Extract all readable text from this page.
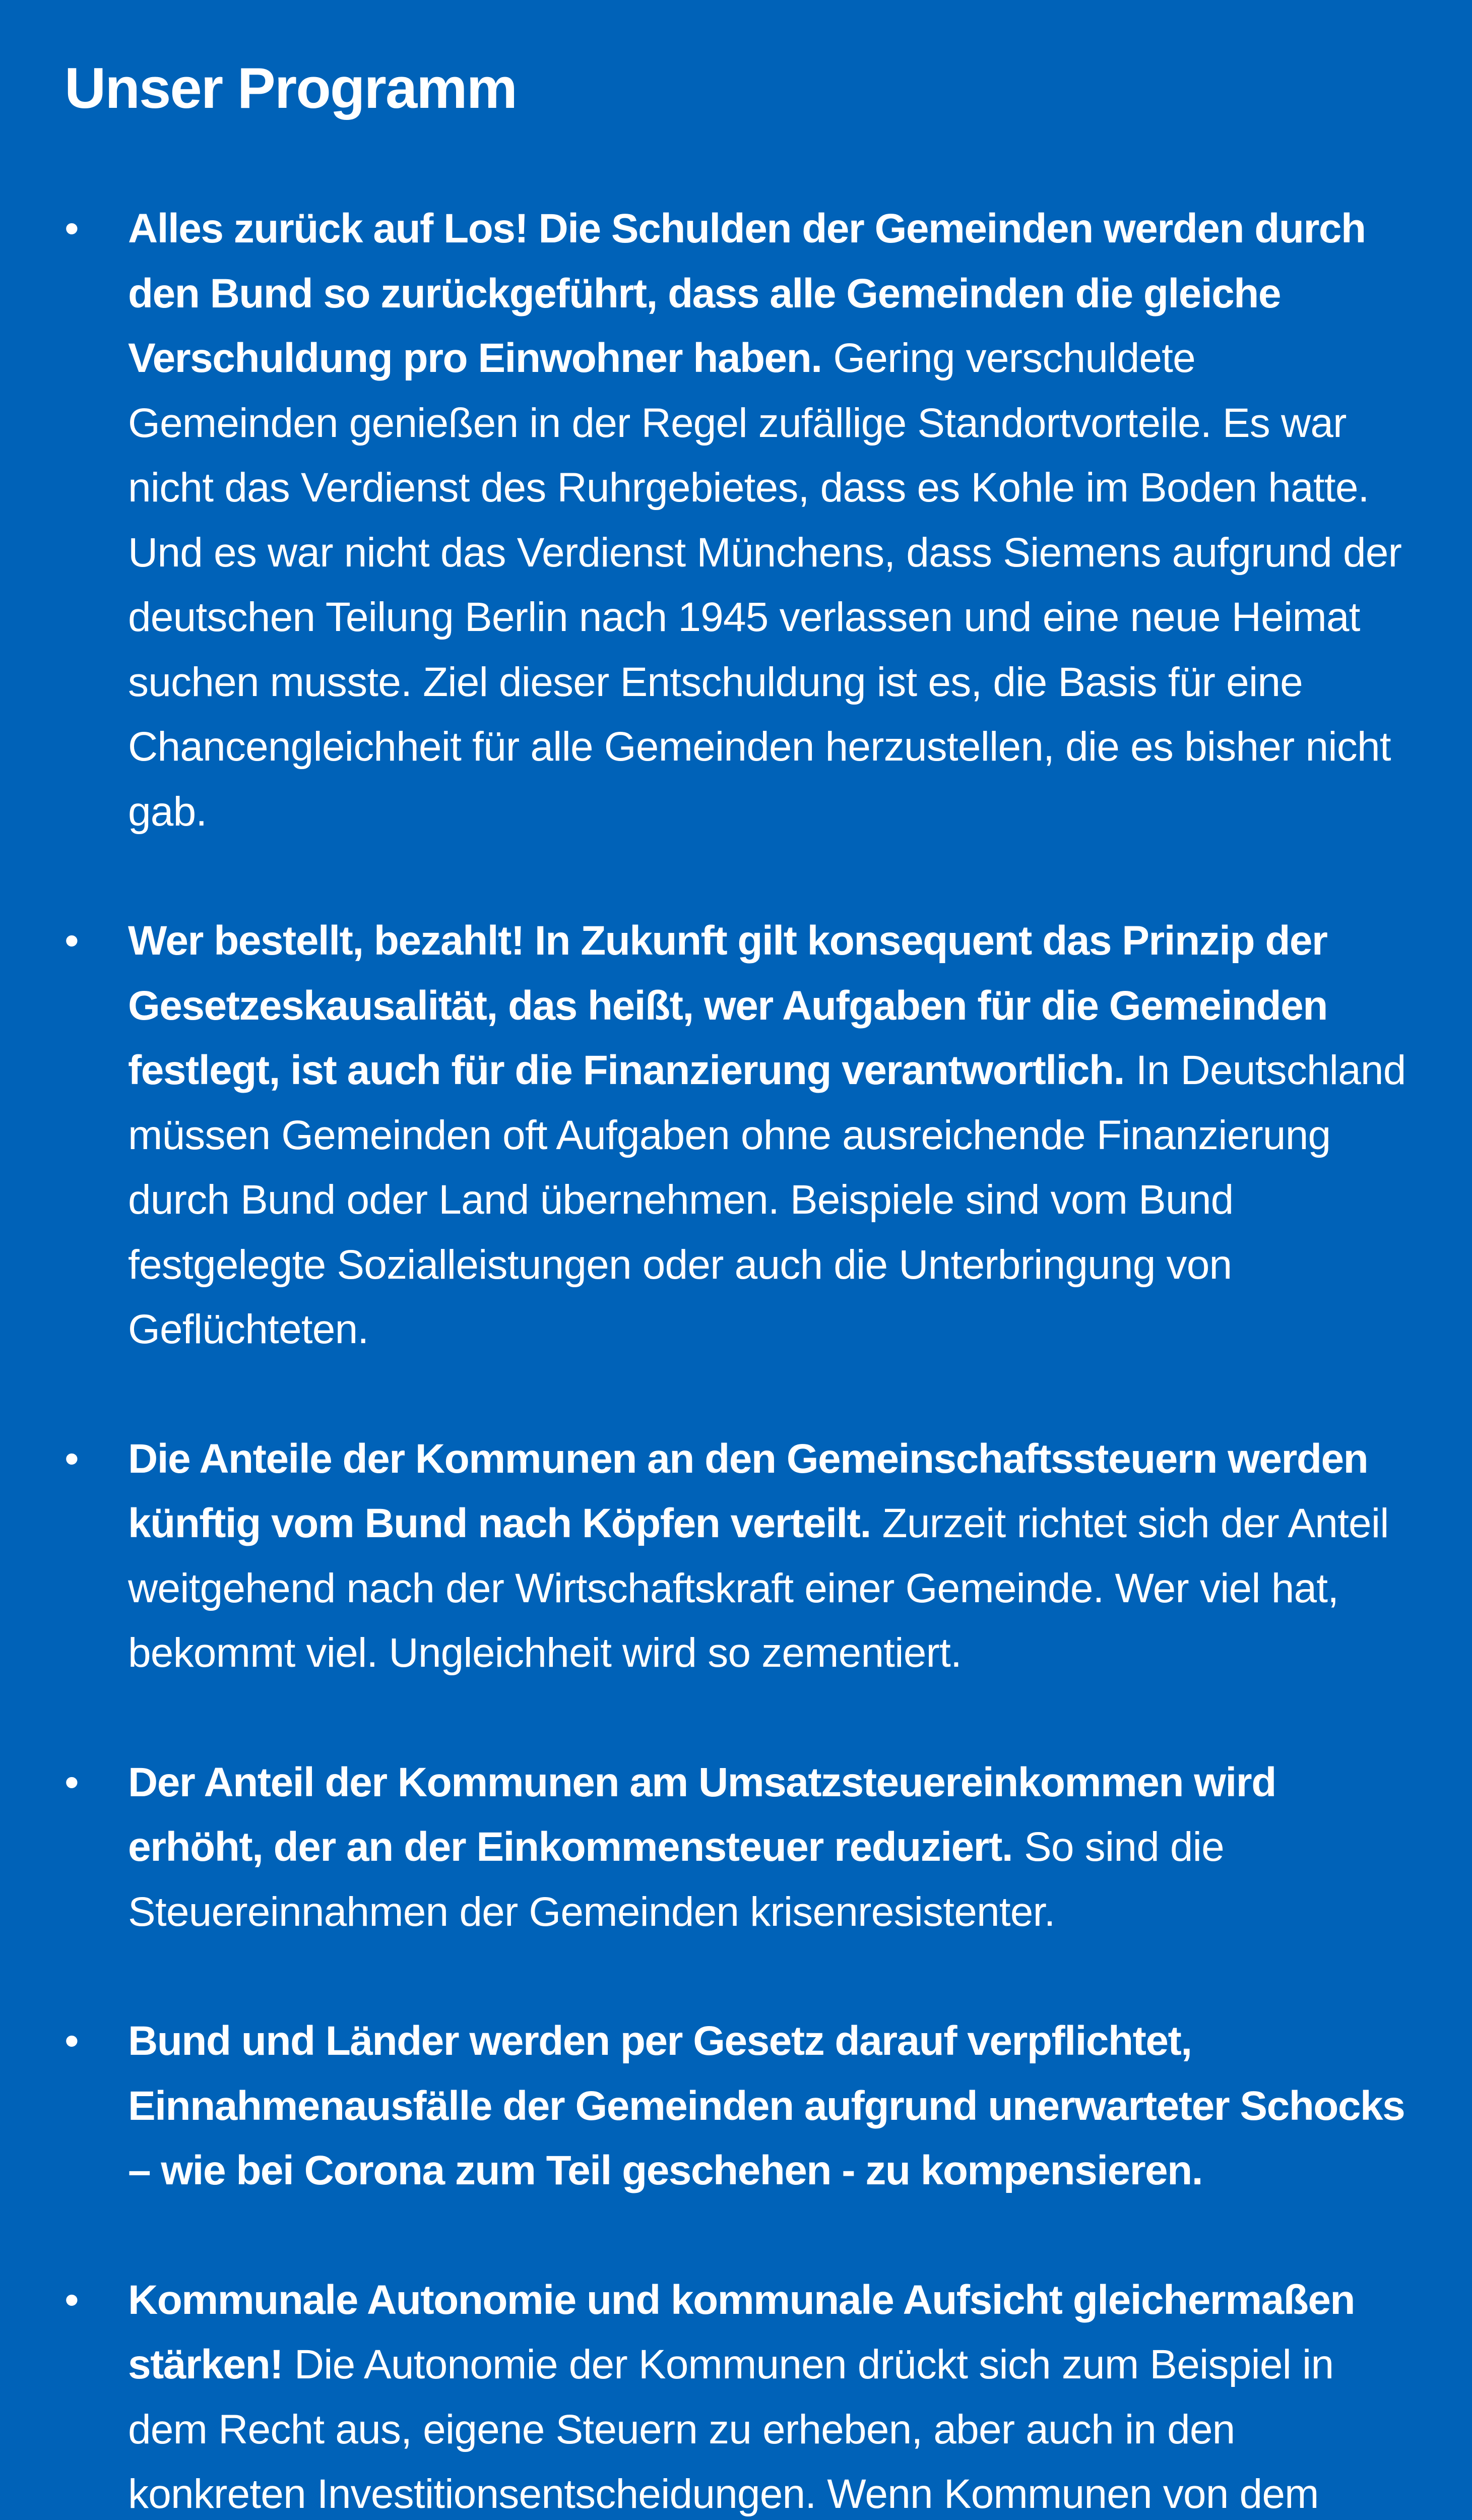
Unser Programm
• Alles zurück auf Los! Die Schulden der Gemeinden werden durch den Bund so zurückgeführt, dass alle Gemeinden die gleiche Verschuldung pro Einwohner haben. Gering verschuldete Gemeinden genießen in der Regel zufällige Standortvorteile. Es war nicht das Verdienst des Ruhrgebietes, dass es Kohle im Boden hatte. Und es war nicht das Verdienst Münchens, dass Siemens aufgrund der deutschen Teilung Berlin nach 1945 verlassen und eine neue Heimat suchen musste. Ziel dieser Entschuldung ist es, die Basis für eine Chancengleichheit für alle Gemeinden herzustellen, die es bisher nicht gab.
• Wer bestellt, bezahlt! In Zukunft gilt konsequent das Prinzip der Gesetzeskausalität, das heißt, wer Aufgaben für die Gemeinden festlegt, ist auch für die Finanzierung verantwortlich. In Deutschland müssen Gemeinden oft Aufgaben ohne ausreichende Finanzierung durch Bund oder Land übernehmen. Beispiele sind vom Bund festgelegte Sozialleistungen oder auch die Unterbringung von Geflüchteten.
• Die Anteile der Kommunen an den Gemeinschaftssteuern werden künftig vom Bund nach Köpfen verteilt. Zurzeit richtet sich der Anteil weitgehend nach der Wirtschaftskraft einer Gemeinde. Wer viel hat, bekommt viel. Ungleichheit wird so zementiert.
• Der Anteil der Kommunen am Umsatzsteuereinkommen wird erhöht, der an der Einkommensteuer reduziert. So sind die Steuereinnahmen der Gemeinden krisenresistenter.
• Bund und Länder werden per Gesetz darauf verpflichtet, Einnahmenausfälle der Gemeinden aufgrund unerwarteter Schocks – wie bei Corona zum Teil geschehen - zu kompensieren.
• Kommunale Autonomie und kommunale Aufsicht gleichermaßen stärken! Die Autonomie der Kommunen drückt sich zum Beispiel in dem Recht aus, eigene Steuern zu erheben, aber auch in den konkreten Investitionsentscheidungen. Wenn Kommunen von dem
